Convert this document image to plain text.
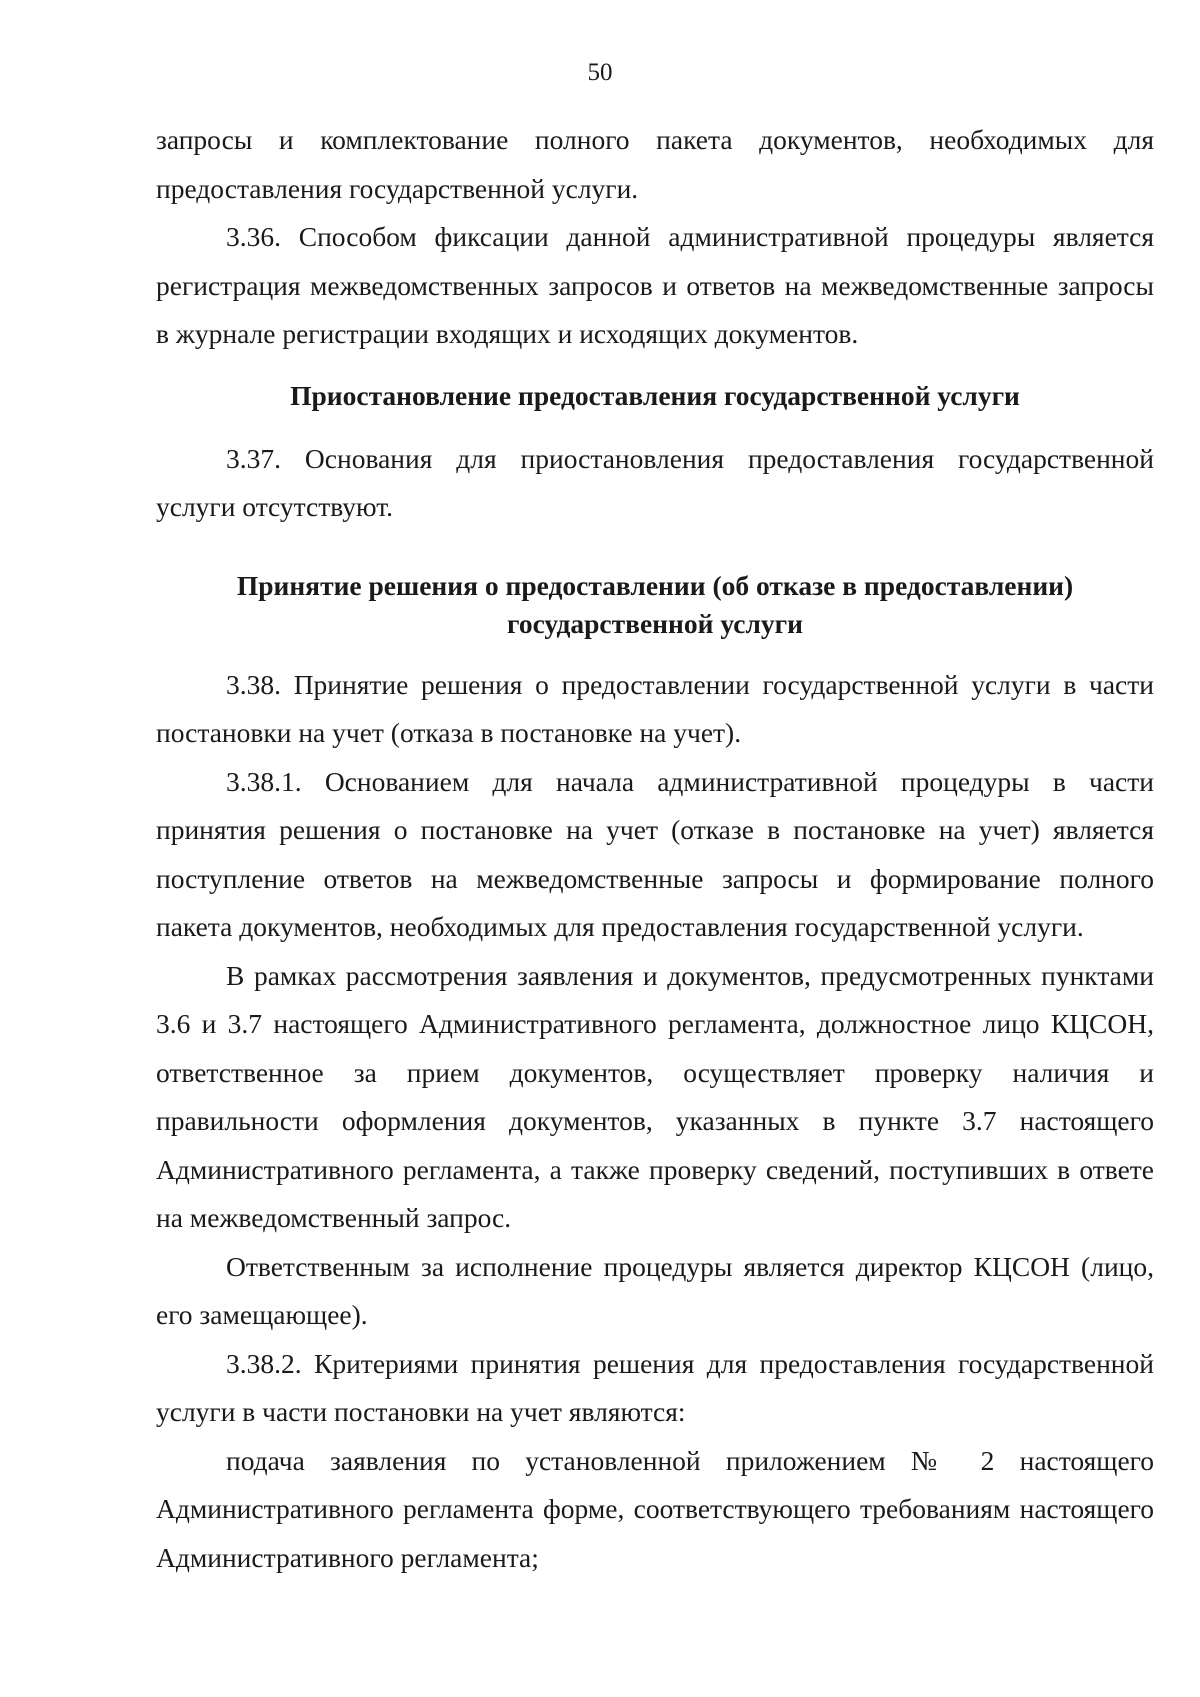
50

запросы и комплектование полного пакета документов, необходимых для предоставления государственной услуги.

3.36. Способом фиксации данной административной процедуры является регистрация межведомственных запросов и ответов на межведомственные запросы в журнале регистрации входящих и исходящих документов.

Приостановление предоставления государственной услуги

3.37. Основания для приостановления предоставления государственной услуги отсутствуют.

Принятие решения о предоставлении (об отказе в предоставлении)
государственной услуги

3.38. Принятие решения о предоставлении государственной услуги в части постановки на учет (отказа в постановке на учет).

3.38.1. Основанием для начала административной процедуры в части принятия решения о постановке на учет (отказе в постановке на учет) является поступление ответов на межведомственные запросы и формирование полного пакета документов, необходимых для предоставления государственной услуги.

В рамках рассмотрения заявления и документов, предусмотренных пунктами 3.6 и 3.7 настоящего Административного регламента, должностное лицо КЦСОН, ответственное за прием документов, осуществляет проверку наличия и правильности оформления документов, указанных в пункте 3.7 настоящего Административного регламента, а также проверку сведений, поступивших в ответе на межведомственный запрос.

Ответственным за исполнение процедуры является директор КЦСОН (лицо, его замещающее).

3.38.2. Критериями принятия решения для предоставления государственной услуги в части постановки на учет являются:

подача заявления по установленной приложением № 2 настоящего Административного регламента форме, соответствующего требованиям настоящего Административного регламента;
